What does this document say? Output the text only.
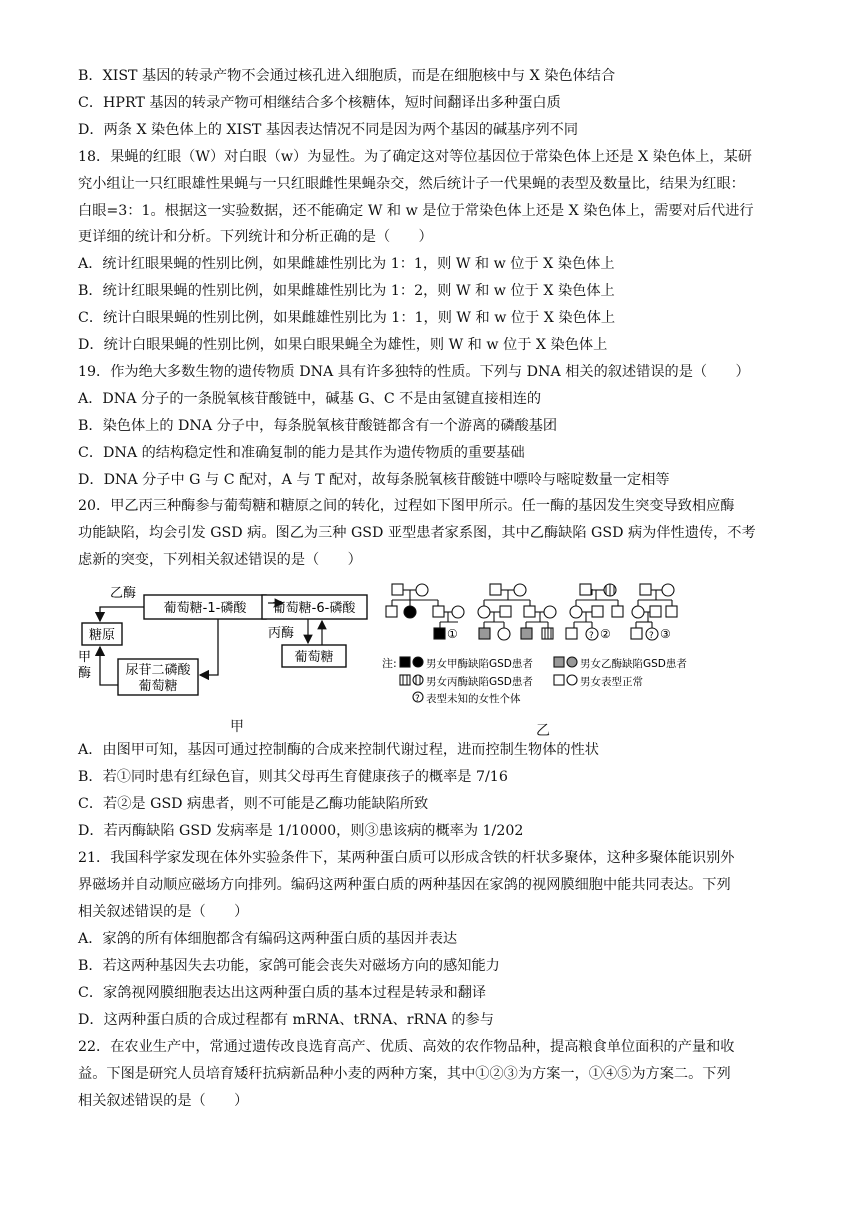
B．XIST 基因的转录产物不会通过核孔进入细胞质，而是在细胞核中与 X 染色体结合
C．HPRT 基因的转录产物可相继结合多个核糖体，短时间翻译出多种蛋白质
D．两条 X 染色体上的 XIST 基因表达情况不同是因为两个基因的碱基序列不同
18．果蝇的红眼（W）对白眼（w）为显性。为了确定这对等位基因位于常染色体上还是 X 染色体上，某研
究小组让一只红眼雄性果蝇与一只红眼雌性果蝇杂交，然后统计子一代果蝇的表型及数量比，结果为红眼：
白眼=3：1。根据这一实验数据，还不能确定 W 和 w 是位于常染色体上还是 X 染色体上，需要对后代进行
更详细的统计和分析。下列统计和分析正确的是（　　）
A．统计红眼果蝇的性别比例，如果雌雄性别比为 1：1，则 W 和 w 位于 X 染色体上
B．统计红眼果蝇的性别比例，如果雌雄性别比为 1：2，则 W 和 w 位于 X 染色体上
C．统计白眼果蝇的性别比例，如果雌雄性别比为 1：1，则 W 和 w 位于 X 染色体上
D．统计白眼果蝇的性别比例，如果白眼果蝇全为雄性，则 W 和 w 位于 X 染色体上
19．作为绝大多数生物的遗传物质 DNA 具有许多独特的性质。下列与 DNA 相关的叙述错误的是（　　）
A．DNA 分子的一条脱氧核苷酸链中，碱基 G、C 不是由氢键直接相连的
B．染色体上的 DNA 分子中，每条脱氧核苷酸链都含有一个游离的磷酸基团
C．DNA 的结构稳定性和准确复制的能力是其作为遗传物质的重要基础
D．DNA 分子中 G 与 C 配对，A 与 T 配对，故每条脱氧核苷酸链中嘌呤与嘧啶数量一定相等
20．甲乙丙三种酶参与葡萄糖和糖原之间的转化，过程如下图甲所示。任一酶的基因发生突变导致相应酶
功能缺陷，均会引发 GSD 病。图乙为三种 GSD 亚型患者家系图，其中乙酶缺陷 GSD 病为伴性遗传，不考
虑新的突变，下列相关叙述错误的是（　　）
乙酶
葡萄糖-1-磷酸 葡萄糖-6-磷酸
糖原
甲
酶	尿苷二磷酸
葡萄糖
丙酶
葡萄糖
甲
?	?
?
①	②	③
注:	男女甲酶缺陷GSD患者	男女乙酶缺陷GSD患者
男女丙酶缺陷GSD患者	男女表型正常
表型未知的女性个体
乙
A．由图甲可知，基因可通过控制酶的合成来控制代谢过程，进而控制生物体的性状
B．若①同时患有红绿色盲，则其父母再生育健康孩子的概率是 7/16
C．若②是 GSD 病患者，则不可能是乙酶功能缺陷所致
D．若丙酶缺陷 GSD 发病率是 1/10000，则③患该病的概率为 1/202
21．我国科学家发现在体外实验条件下，某两种蛋白质可以形成含铁的杆状多聚体，这种多聚体能识别外
界磁场并自动顺应磁场方向排列。编码这两种蛋白质的两种基因在家鸽的视网膜细胞中能共同表达。下列
相关叙述错误的是（　　）
A．家鸽的所有体细胞都含有编码这两种蛋白质的基因并表达
B．若这两种基因失去功能，家鸽可能会丧失对磁场方向的感知能力
C．家鸽视网膜细胞表达出这两种蛋白质的基本过程是转录和翻译
D．这两种蛋白质的合成过程都有 mRNA、tRNA、rRNA 的参与
22．在农业生产中，常通过遗传改良选育高产、优质、高效的农作物品种，提高粮食单位面积的产量和收
益。下图是研究人员培育矮秆抗病新品种小麦的两种方案，其中①②③为方案一，①④⑤为方案二。下列
相关叙述错误的是（　　）
